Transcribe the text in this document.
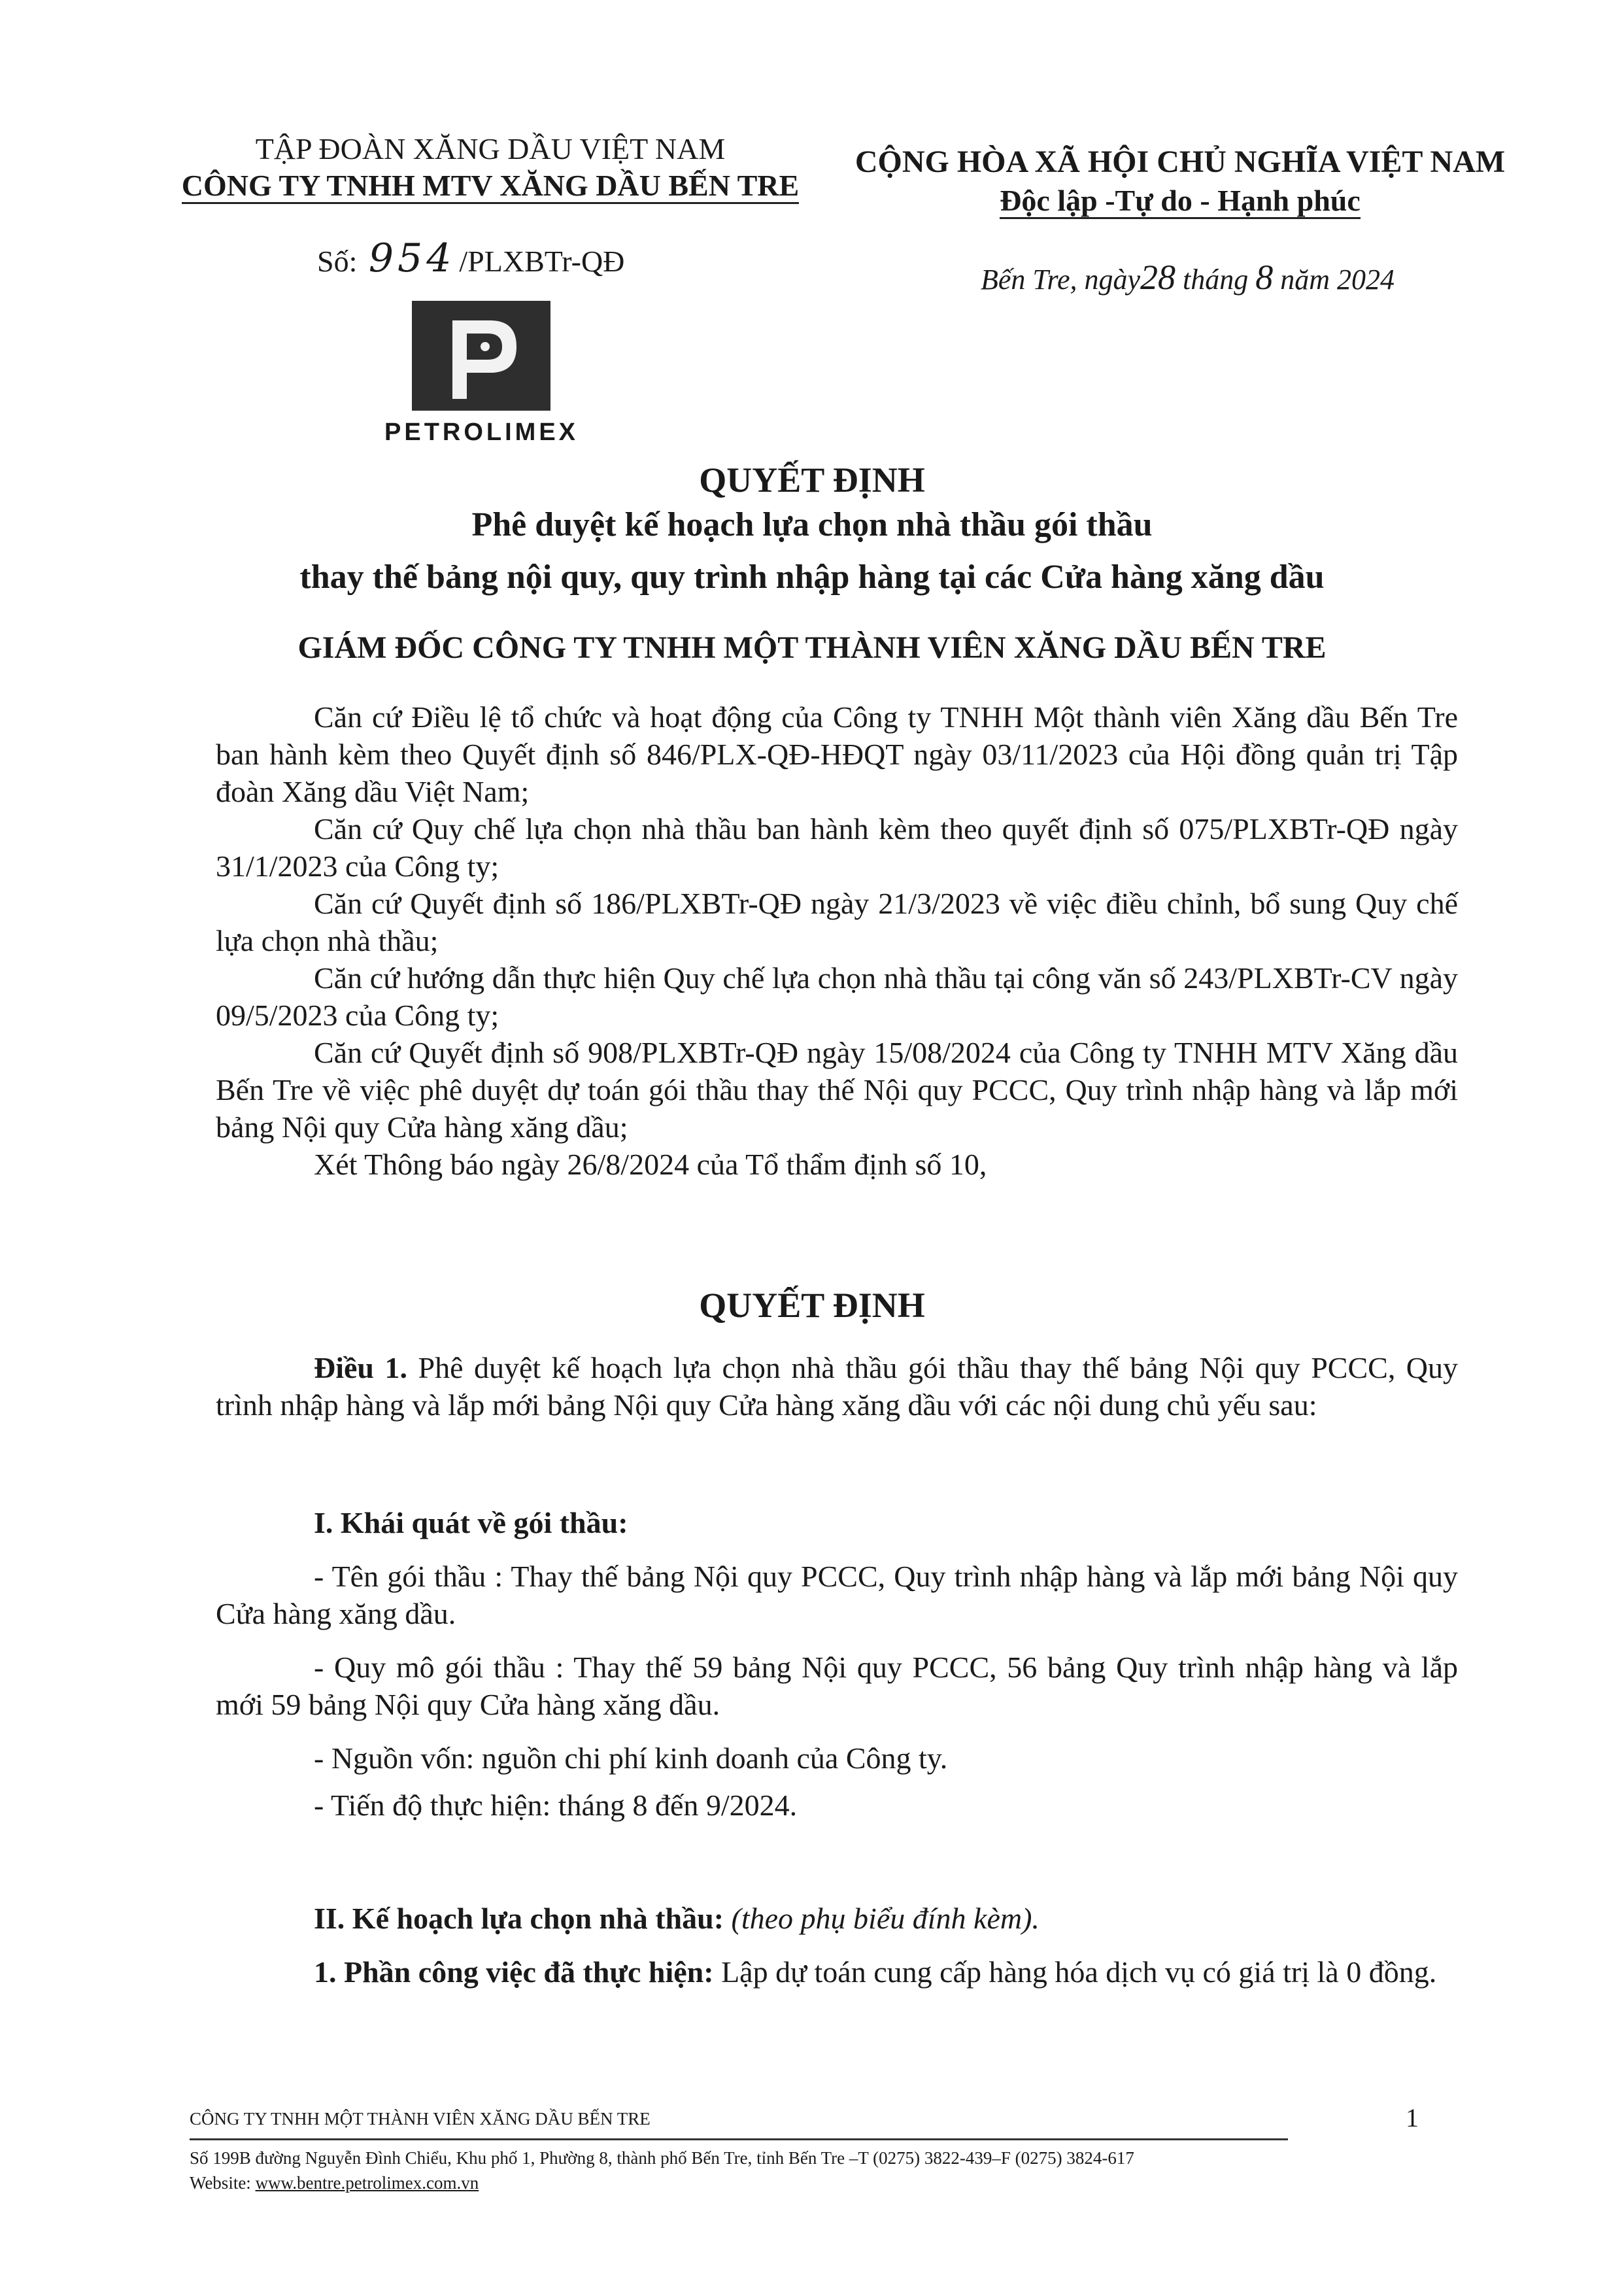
TẬP ĐOÀN XĂNG DẦU VIỆT NAM
CÔNG TY TNHH MTV XĂNG DẦU BẾN TRE
Số: 954 /PLXBTr-QĐ
PETROLIMEX
CỘNG HÒA XÃ HỘI CHỦ NGHĨA VIỆT NAM
Độc lập -Tự do - Hạnh phúc
Bến Tre, ngày28 tháng 8 năm 2024
QUYẾT ĐỊNH
Phê duyệt kế hoạch lựa chọn nhà thầu gói thầu
thay thế bảng nội quy, quy trình nhập hàng tại các Cửa hàng xăng dầu
GIÁM ĐỐC CÔNG TY TNHH MỘT THÀNH VIÊN XĂNG DẦU BẾN TRE

Căn cứ Điều lệ tổ chức và hoạt động của Công ty TNHH Một thành viên Xăng dầu Bến Tre ban hành kèm theo Quyết định số 846/PLX-QĐ-HĐQT ngày 03/11/2023 của Hội đồng quản trị Tập đoàn Xăng dầu Việt Nam;

Căn cứ Quy chế lựa chọn nhà thầu ban hành kèm theo quyết định số 075/PLXBTr-QĐ ngày 31/1/2023 của Công ty;

Căn cứ Quyết định số 186/PLXBTr-QĐ ngày 21/3/2023 về việc điều chỉnh, bổ sung Quy chế lựa chọn nhà thầu;

Căn cứ hướng dẫn thực hiện Quy chế lựa chọn nhà thầu tại công văn số 243/PLXBTr-CV ngày 09/5/2023 của Công ty;

Căn cứ Quyết định số 908/PLXBTr-QĐ ngày 15/08/2024 của Công ty TNHH MTV Xăng dầu Bến Tre về việc phê duyệt dự toán gói thầu thay thế Nội quy PCCC, Quy trình nhập hàng và lắp mới bảng Nội quy Cửa hàng xăng dầu;

Xét Thông báo ngày 26/8/2024 của Tổ thẩm định số 10,

QUYẾT ĐỊNH

Điều 1. Phê duyệt kế hoạch lựa chọn nhà thầu gói thầu thay thế bảng Nội quy PCCC, Quy trình nhập hàng và lắp mới bảng Nội quy Cửa hàng xăng dầu với các nội dung chủ yếu sau:

I. Khái quát về gói thầu:

- Tên gói thầu : Thay thế bảng Nội quy PCCC, Quy trình nhập hàng và lắp mới bảng Nội quy Cửa hàng xăng dầu.

- Quy mô gói thầu : Thay thế 59 bảng Nội quy PCCC, 56 bảng Quy trình nhập hàng và lắp mới 59 bảng Nội quy Cửa hàng xăng dầu.

- Nguồn vốn: nguồn chi phí kinh doanh của Công ty.

- Tiến độ thực hiện: tháng 8 đến 9/2024.

II. Kế hoạch lựa chọn nhà thầu: (theo phụ biểu đính kèm).

1. Phần công việc đã thực hiện: Lập dự toán cung cấp hàng hóa dịch vụ có giá trị là 0 đồng.

1
CÔNG TY TNHH MỘT THÀNH VIÊN XĂNG DẦU BẾN TRE
Số 199B đường Nguyễn Đình Chiểu, Khu phố 1, Phường 8, thành phố Bến Tre, tỉnh Bến Tre –T (0275) 3822-439–F (0275) 3824-617
Website: www.bentre.petrolimex.com.vn
